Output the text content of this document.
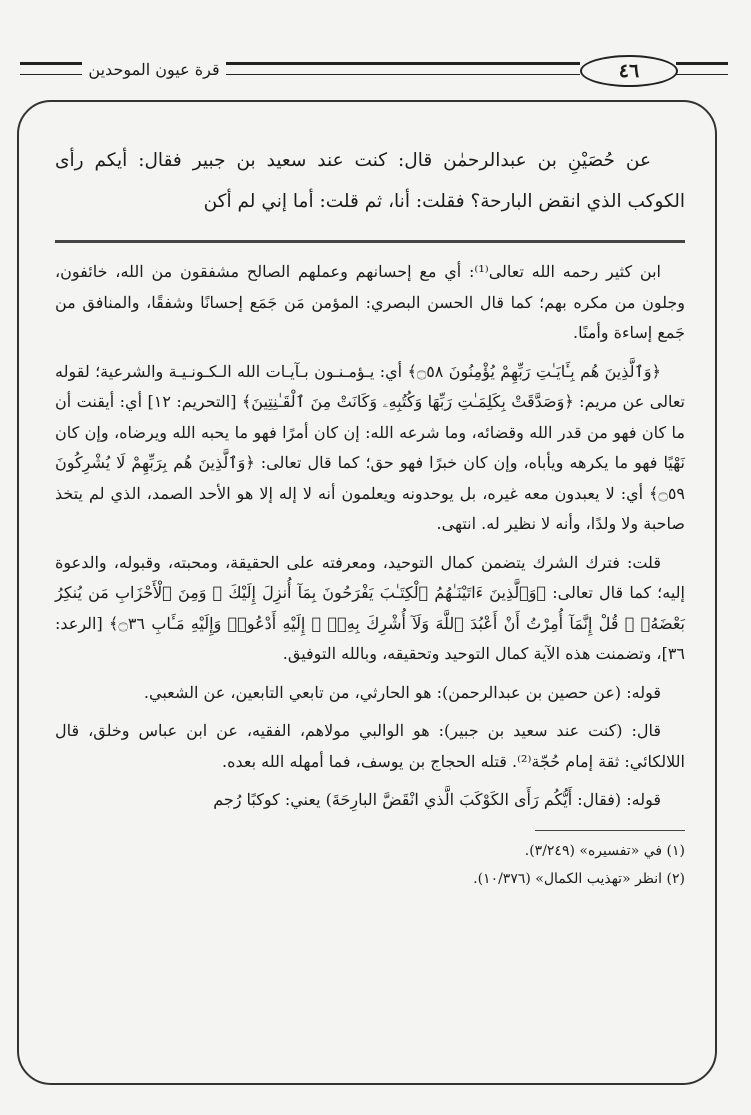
قرة عيون الموحدين	٤٦

عن حُصَيْنِ بن عبدالرحمٰن قال: كنت عند سعيد بن جبير فقال: أيكم رأى الكوكب الذي انقض البارحة؟ فقلت: أنا، ثم قلت: أما إني لم أكن

ابن كثير رحمه الله تعالى⁽¹⁾: أي مع إحسانهم وعملهم الصالح مشفقون من الله، خائفون، وجلون من مكره بهم؛ كما قال الحسن البصري: المؤمن مَن جَمَع إحسانًا وشفقًا، والمنافق من جَمع إساءة وأمنًا.

﴿وَٱلَّذِينَ هُم بِـَٔايَـٰتِ رَبِّهِمْ يُؤْمِنُونَ ۝٥٨﴾ أي: يـؤمـنـون بـآيـات الله الـكـونـيـة والشرعية؛ لقوله تعالى عن مريم: ﴿وَصَدَّقَتْ بِكَلِمَـٰتِ رَبِّهَا وَكُتُبِهِۦ وَكَانَتْ مِنَ ٱلْقَـٰنِتِينَ﴾ [التحريم: ١٢] أي: أيقنت أن ما كان فهو من قدر الله وقضائه، وما شرعه الله: إن كان أمرًا فهو ما يحبه الله ويرضاه، وإن كان نَهْيًا فهو ما يكرهه ويأباه، وإن كان خبرًا فهو حق؛ كما قال تعالى: ﴿وَٱلَّذِينَ هُم بِرَبِّهِمْ لَا يُشْرِكُونَ ۝٥٩﴾ أي: لا يعبدون معه غيره، بل يوحدونه ويعلمون أنه لا إله إلا هو الأحد الصمد، الذي لم يتخذ صاحبة ولا ولدًا، وأنه لا نظير له. انتهى.

قلت: فترك الشرك يتضمن كمال التوحيد، ومعرفته على الحقيقة، ومحبته، وقبوله، والدعوة إليه؛ كما قال تعالى: ﴿وَٱلَّذِينَ ءَاتَيْنَـٰهُمُ ٱلْكِتَـٰبَ يَفْرَحُونَ بِمَآ أُنزِلَ إِلَيْكَ ۖ وَمِنَ ٱلْأَحْزَابِ مَن يُنكِرُ بَعْضَهُۥ ۚ قُلْ إِنَّمَآ أُمِرْتُ أَنْ أَعْبُدَ ٱللَّهَ وَلَآ أُشْرِكَ بِهِۦٓ ۚ إِلَيْهِ أَدْعُوا۟ وَإِلَيْهِ مَـَٔابِ ۝٣٦﴾ [الرعد: ٣٦]، وتضمنت هذه الآية كمال التوحيد وتحقيقه، وبالله التوفيق.

قوله: (عن حصين بن عبدالرحمن): هو الحارثي، من تابعي التابعين، عن الشعبي.

قال: (كنت عند سعيد بن جبير): هو الوالبي مولاهم، الفقيه، عن ابن عباس وخلق، قال اللالكائي: ثقة إمام حُجّة⁽²⁾. قتله الحجاج بن يوسف، فما أمهله الله بعده.

قوله: (فقال: أَيُّكُم رَأَى الكَوْكَبَ الَّذي انْقَضَّ البارِحَةَ) يعني: كوكبًا رُجم

(١) في «تفسيره» (٣/٢٤٩).

(٢) انظر «تهذيب الكمال» (١٠/٣٧٦).
